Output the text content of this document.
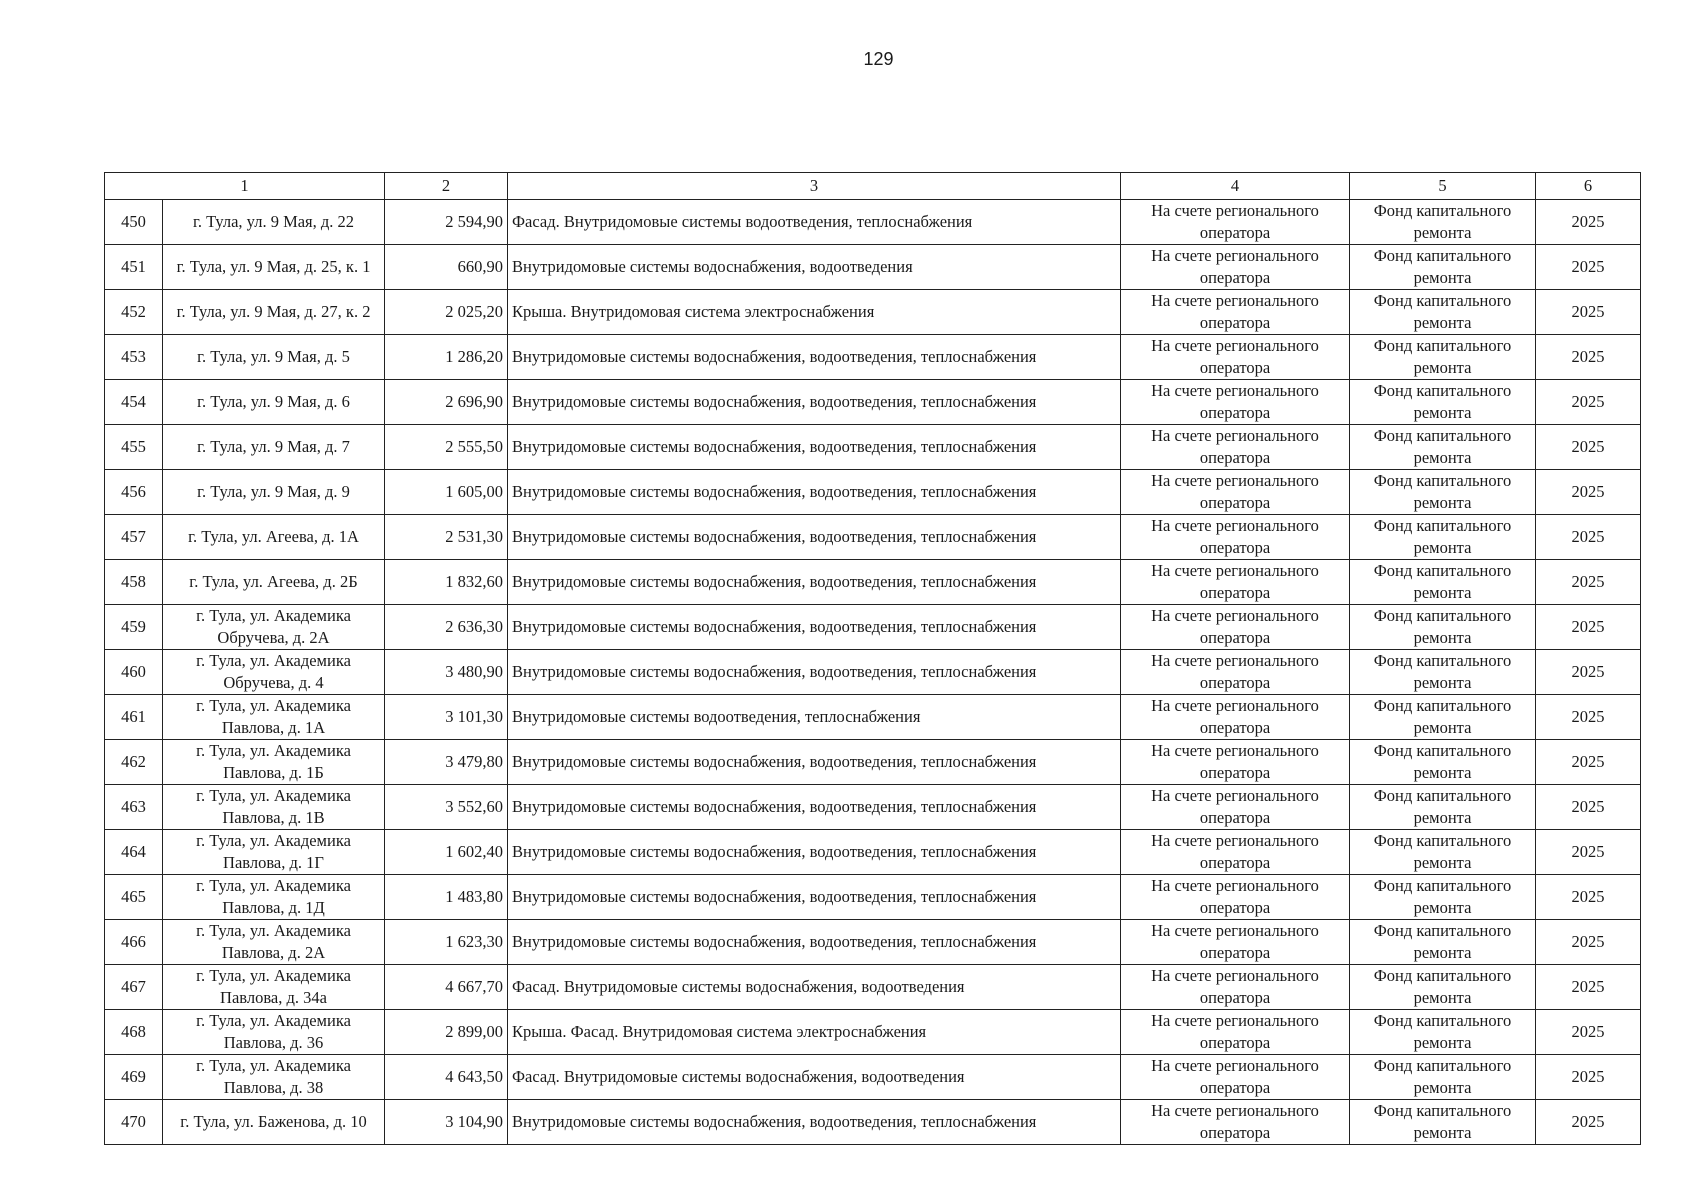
129
1		2	3	4	5	6
450	г. Тула, ул. 9 Мая, д. 22	2 594,90	Фасад. Внутридомовые системы водоотведения, теплоснабжения	На счете регионального оператора	Фонд капитального ремонта	2025
451	г. Тула, ул. 9 Мая, д. 25, к. 1	660,90	Внутридомовые системы водоснабжения, водоотведения	На счете регионального оператора	Фонд капитального ремонта	2025
452	г. Тула, ул. 9 Мая, д. 27, к. 2	2 025,20	Крыша. Внутридомовая система электроснабжения	На счете регионального оператора	Фонд капитального ремонта	2025
453	г. Тула, ул. 9 Мая, д. 5	1 286,20	Внутридомовые системы водоснабжения, водоотведения, теплоснабжения	На счете регионального оператора	Фонд капитального ремонта	2025
454	г. Тула, ул. 9 Мая, д. 6	2 696,90	Внутридомовые системы водоснабжения, водоотведения, теплоснабжения	На счете регионального оператора	Фонд капитального ремонта	2025
455	г. Тула, ул. 9 Мая, д. 7	2 555,50	Внутридомовые системы водоснабжения, водоотведения, теплоснабжения	На счете регионального оператора	Фонд капитального ремонта	2025
456	г. Тула, ул. 9 Мая, д. 9	1 605,00	Внутридомовые системы водоснабжения, водоотведения, теплоснабжения	На счете регионального оператора	Фонд капитального ремонта	2025
457	г. Тула, ул. Агеева, д. 1А	2 531,30	Внутридомовые системы водоснабжения, водоотведения, теплоснабжения	На счете регионального оператора	Фонд капитального ремонта	2025
458	г. Тула, ул. Агеева, д. 2Б	1 832,60	Внутридомовые системы водоснабжения, водоотведения, теплоснабжения	На счете регионального оператора	Фонд капитального ремонта	2025
459	г. Тула, ул. Академика Обручева, д. 2А	2 636,30	Внутридомовые системы водоснабжения, водоотведения, теплоснабжения	На счете регионального оператора	Фонд капитального ремонта	2025
460	г. Тула, ул. Академика Обручева, д. 4	3 480,90	Внутридомовые системы водоснабжения, водоотведения, теплоснабжения	На счете регионального оператора	Фонд капитального ремонта	2025
461	г. Тула, ул. Академика Павлова, д. 1А	3 101,30	Внутридомовые системы водоотведения, теплоснабжения	На счете регионального оператора	Фонд капитального ремонта	2025
462	г. Тула, ул. Академика Павлова, д. 1Б	3 479,80	Внутридомовые системы водоснабжения, водоотведения, теплоснабжения	На счете регионального оператора	Фонд капитального ремонта	2025
463	г. Тула, ул. Академика Павлова, д. 1В	3 552,60	Внутридомовые системы водоснабжения, водоотведения, теплоснабжения	На счете регионального оператора	Фонд капитального ремонта	2025
464	г. Тула, ул. Академика Павлова, д. 1Г	1 602,40	Внутридомовые системы водоснабжения, водоотведения, теплоснабжения	На счете регионального оператора	Фонд капитального ремонта	2025
465	г. Тула, ул. Академика Павлова, д. 1Д	1 483,80	Внутридомовые системы водоснабжения, водоотведения, теплоснабжения	На счете регионального оператора	Фонд капитального ремонта	2025
466	г. Тула, ул. Академика Павлова, д. 2А	1 623,30	Внутридомовые системы водоснабжения, водоотведения, теплоснабжения	На счете регионального оператора	Фонд капитального ремонта	2025
467	г. Тула, ул. Академика Павлова, д. 34а	4 667,70	Фасад. Внутридомовые системы водоснабжения, водоотведения	На счете регионального оператора	Фонд капитального ремонта	2025
468	г. Тула, ул. Академика Павлова, д. 36	2 899,00	Крыша. Фасад. Внутридомовая система электроснабжения	На счете регионального оператора	Фонд капитального ремонта	2025
469	г. Тула, ул. Академика Павлова, д. 38	4 643,50	Фасад. Внутридомовые системы водоснабжения, водоотведения	На счете регионального оператора	Фонд капитального ремонта	2025
470	г. Тула, ул. Баженова, д. 10	3 104,90	Внутридомовые системы водоснабжения, водоотведения, теплоснабжения	На счете регионального оператора	Фонд капитального ремонта	2025
